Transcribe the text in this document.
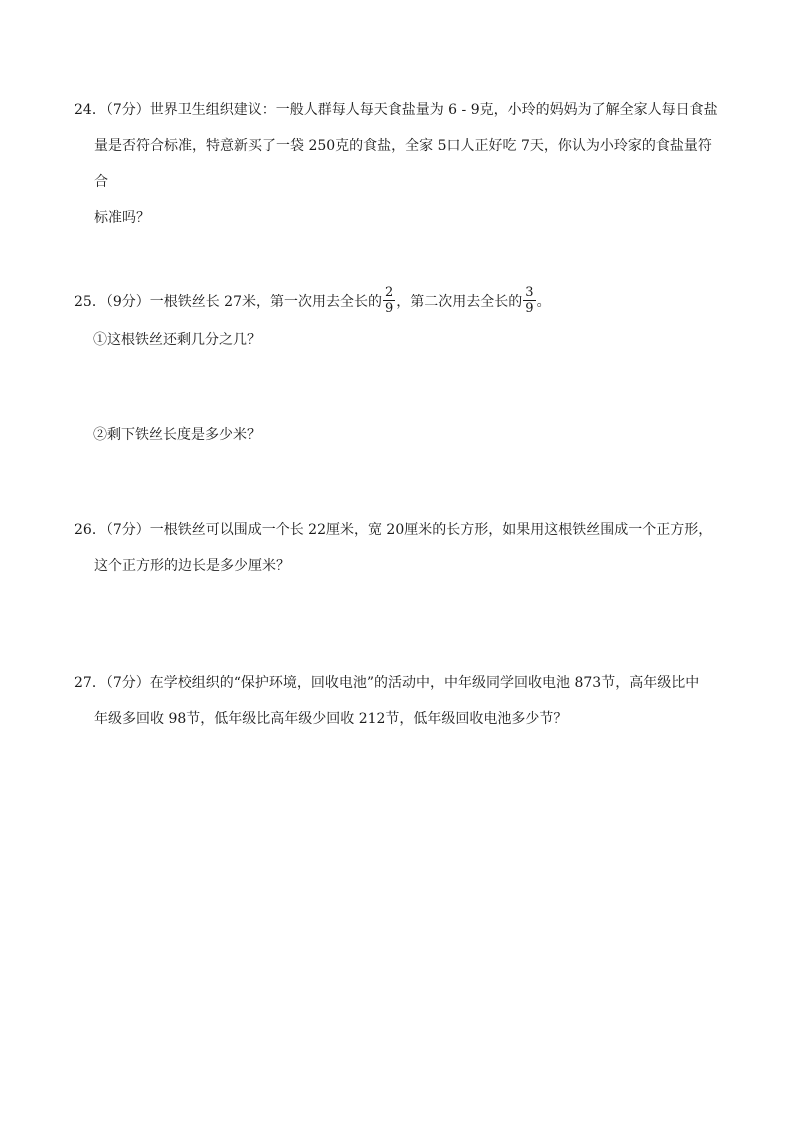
24．（7分）世界卫生组织建议：一般人群每人每天食盐量为 6 - 9克，小玲的妈妈为了解全家人每日食盐
量是否符合标准，特意新买了一袋 250克的食盐，全家 5口人正好吃 7天，你认为小玲家的食盐量符合
标准吗？
25．（9分）一根铁丝长 27米，第一次用去全长的 $\frac{2}{9}$ ，第二次用去全长的 $\frac{3}{9}$ 。
①这根铁丝还剩几分之几？
②剩下铁丝长度是多少米？
26．（7分）一根铁丝可以围成一个长 22厘米，宽 20厘米的长方形，如果用这根铁丝围成一个正方形，
这个正方形的边长是多少厘米？
27．（7分）在学校组织的“保护环境，回收电池”的活动中，中年级同学回收电池 873节，高年级比中
年级多回收 98节，低年级比高年级少回收 212节，低年级回收电池多少节？
